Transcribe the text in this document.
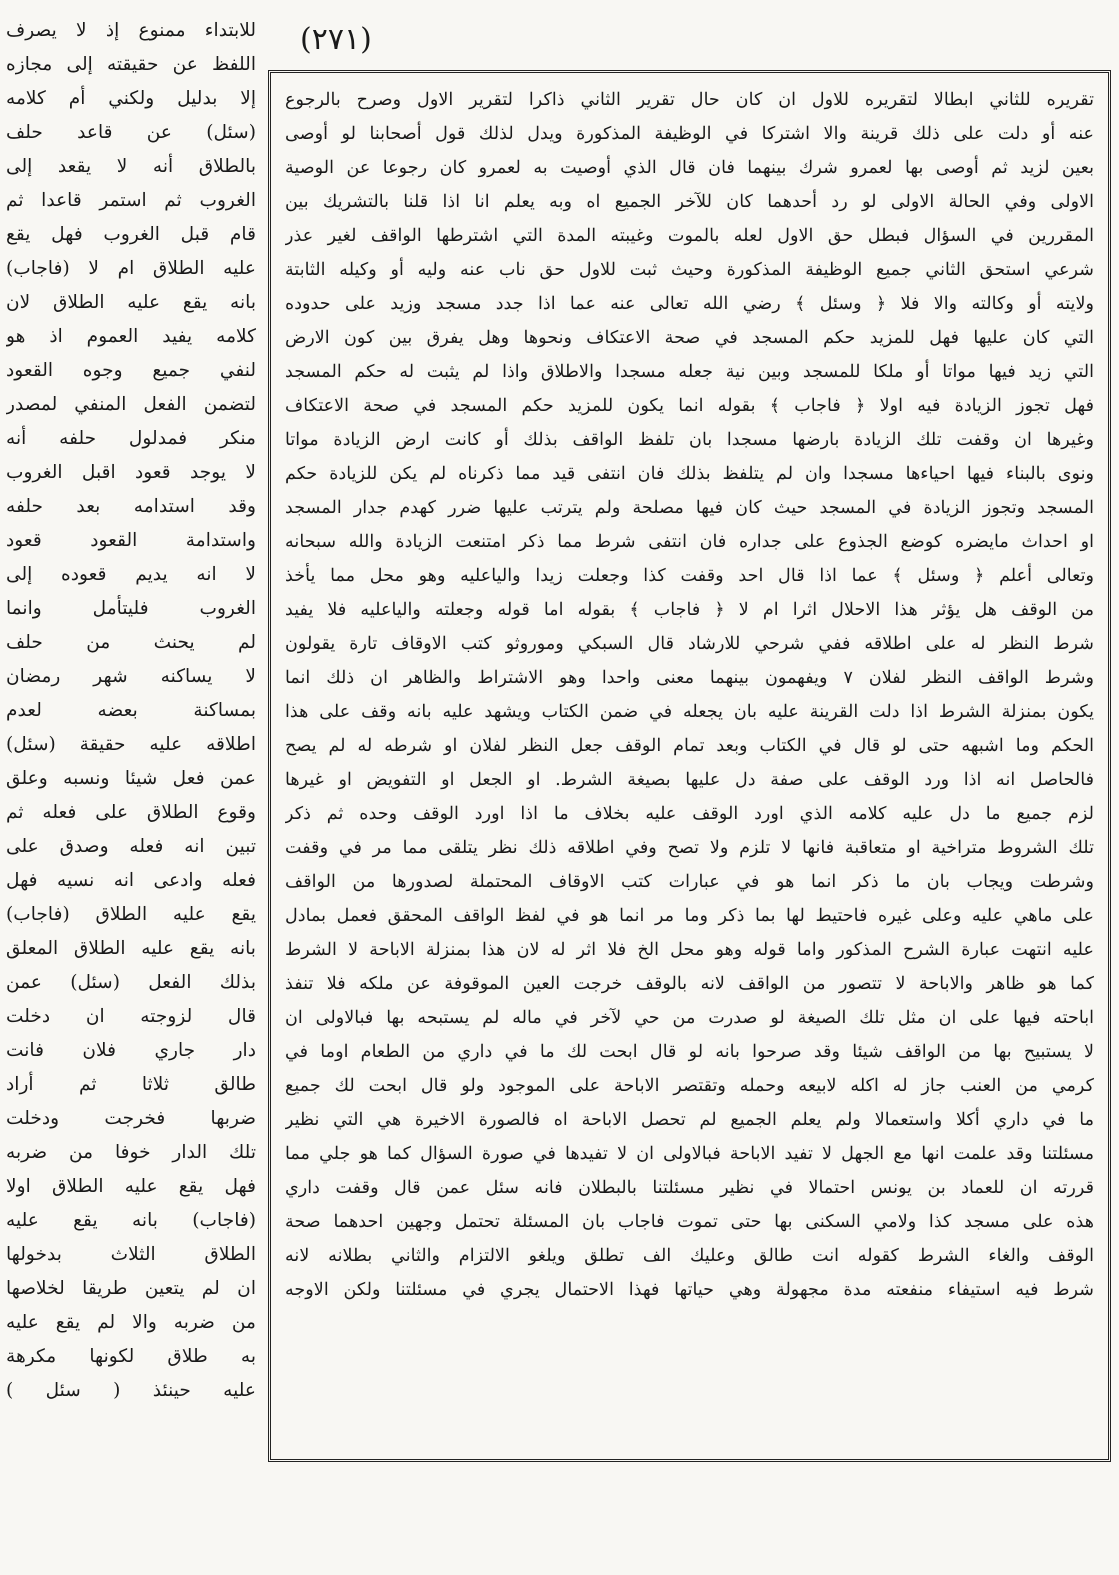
(٢٧١)
للابتداء ممنوع إذ لا يصرف
اللفظ عن حقيقته إلى مجازه
إلا بدليل ولكني أم كلامه
(سئل) عن قاعد حلف
بالطلاق أنه لا يقعد إلى
الغروب ثم استمر قاعدا ثم
قام قبل الغروب فهل يقع
عليه الطلاق ام لا (فاجاب)
بانه يقع عليه الطلاق لان
كلامه يفيد العموم اذ هو
لنفي جميع وجوه القعود
لتضمن الفعل المنفي لمصدر
منكر فمدلول حلفه أنه
لا يوجد قعود اقبل الغروب
وقد استدامه بعد حلفه
واستدامة القعود قعود
لا انه يديم قعوده إلى
الغروب فليتأمل وانما
لم يحنث من حلف
لا يساكنه شهر رمضان
بمساكنة بعضه لعدم
اطلاقه عليه حقيقة (سئل)
عمن فعل شيئا ونسبه وعلق
وقوع الطلاق على فعله ثم
تبين انه فعله وصدق على
فعله وادعى انه نسيه فهل
يقع عليه الطلاق (فاجاب)
بانه يقع عليه الطلاق المعلق
بذلك الفعل (سئل) عمن
قال لزوجته ان دخلت
دار جاري فلان فانت
طالق ثلاثا ثم أراد
ضربها فخرجت ودخلت
تلك الدار خوفا من ضربه
فهل يقع عليه الطلاق اولا
(فاجاب) بانه يقع عليه
الطلاق الثلاث بدخولها
ان لم يتعين طريقا لخلاصها
من ضربه والا لم يقع عليه
به طلاق لكونها مكرهة
عليه حينئذ ( سئل )
تقريره للثاني ابطالا لتقريره للاول ان كان حال تقرير الثاني ذاكرا لتقرير الاول وصرح بالرجوع
عنه أو دلت على ذلك قرينة والا اشتركا في الوظيفة المذكورة ويدل لذلك قول أصحابنا لو أوصى
بعين لزيد ثم أوصى بها لعمرو شرك بينهما فان قال الذي أوصيت به لعمرو كان رجوعا عن الوصية
الاولى وفي الحالة الاولى لو رد أحدهما كان للآخر الجميع اه وبه يعلم انا اذا قلنا بالتشريك بين
المقررين في السؤال فبطل حق الاول لعله بالموت وغيبته المدة التي اشترطها الواقف لغير عذر
شرعي استحق الثاني جميع الوظيفة المذكورة وحيث ثبت للاول حق ناب عنه وليه أو وكيله الثابتة
ولايته أو وكالته والا فلا ﴿ وسئل ﴾ رضي الله تعالى عنه عما اذا جدد مسجد وزيد على حدوده
التي كان عليها فهل للمزيد حكم المسجد في صحة الاعتكاف ونحوها وهل يفرق بين كون الارض
التي زيد فيها مواتا أو ملكا للمسجد وبين نية جعله مسجدا والاطلاق واذا لم يثبت له حكم المسجد
فهل تجوز الزيادة فيه اولا ﴿ فاجاب ﴾ بقوله انما يكون للمزيد حكم المسجد في صحة الاعتكاف
وغيرها ان وقفت تلك الزيادة بارضها مسجدا بان تلفظ الواقف بذلك أو كانت ارض الزيادة مواتا
ونوى بالبناء فيها احياءها مسجدا وان لم يتلفظ بذلك فان انتفى قيد مما ذكرناه لم يكن للزيادة حكم
المسجد وتجوز الزيادة في المسجد حيث كان فيها مصلحة ولم يترتب عليها ضرر كهدم جدار المسجد
او احداث مايضره كوضع الجذوع على جداره فان انتفى شرط مما ذكر امتنعت الزيادة والله سبحانه
وتعالى أعلم ﴿ وسئل ﴾ عما اذا قال احد وقفت كذا وجعلت زيدا والياعليه وهو محل مما يأخذ
من الوقف هل يؤثر هذا الاحلال اثرا ام لا ﴿ فاجاب ﴾ بقوله اما قوله وجعلته والياعليه فلا يفيد
شرط النظر له على اطلاقه ففي شرحي للارشاد قال السبكي وموروثو كتب الاوقاف تارة يقولون
وشرط الواقف النظر لفلان ٧ ويفهمون بينهما معنى واحدا وهو الاشتراط والظاهر ان ذلك انما
يكون بمنزلة الشرط اذا دلت القرينة عليه بان يجعله في ضمن الكتاب ويشهد عليه بانه وقف على هذا
الحكم وما اشبهه حتى لو قال في الكتاب وبعد تمام الوقف جعل النظر لفلان او شرطه له لم يصح
فالحاصل انه اذا ورد الوقف على صفة دل عليها بصيغة الشرط. او الجعل او التفويض او غيرها
لزم جميع ما دل عليه كلامه الذي اورد الوقف عليه بخلاف ما اذا اورد الوقف وحده ثم ذكر
تلك الشروط متراخية او متعاقبة فانها لا تلزم ولا تصح وفي اطلاقه ذلك نظر يتلقى مما مر في وقفت
وشرطت ويجاب بان ما ذكر انما هو في عبارات كتب الاوقاف المحتملة لصدورها من الواقف
على ماهي عليه وعلى غيره فاحتيط لها بما ذكر وما مر انما هو في لفظ الواقف المحقق فعمل بمادل
عليه انتهت عبارة الشرح المذكور واما قوله وهو محل الخ فلا اثر له لان هذا بمنزلة الاباحة لا الشرط
كما هو ظاهر والاباحة لا تتصور من الواقف لانه بالوقف خرجت العين الموقوفة عن ملكه فلا تنفذ
اباحته فيها على ان مثل تلك الصيغة لو صدرت من حي لآخر في ماله لم يستبحه بها فبالاولى ان
لا يستبيح بها من الواقف شيئا وقد صرحوا بانه لو قال ابحت لك ما في داري من الطعام اوما في
كرمي من العنب جاز له اكله لابيعه وحمله وتقتصر الاباحة على الموجود ولو قال ابحت لك جميع
ما في داري أكلا واستعمالا ولم يعلم الجميع لم تحصل الاباحة اه فالصورة الاخيرة هي التي نظير
مسئلتنا وقد علمت انها مع الجهل لا تفيد الاباحة فبالاولى ان لا تفيدها في صورة السؤال كما هو جلي مما
قررته ان للعماد بن يونس احتمالا في نظير مسئلتنا بالبطلان فانه سئل عمن قال وقفت داري
هذه على مسجد كذا ولامي السكنى بها حتى تموت فاجاب بان المسئلة تحتمل وجهين احدهما صحة
الوقف والغاء الشرط كقوله انت طالق وعليك الف تطلق ويلغو الالتزام والثاني بطلانه لانه
شرط فيه استيفاء منفعته مدة مجهولة وهي حياتها فهذا الاحتمال يجري في مسئلتنا ولكن الاوجه
